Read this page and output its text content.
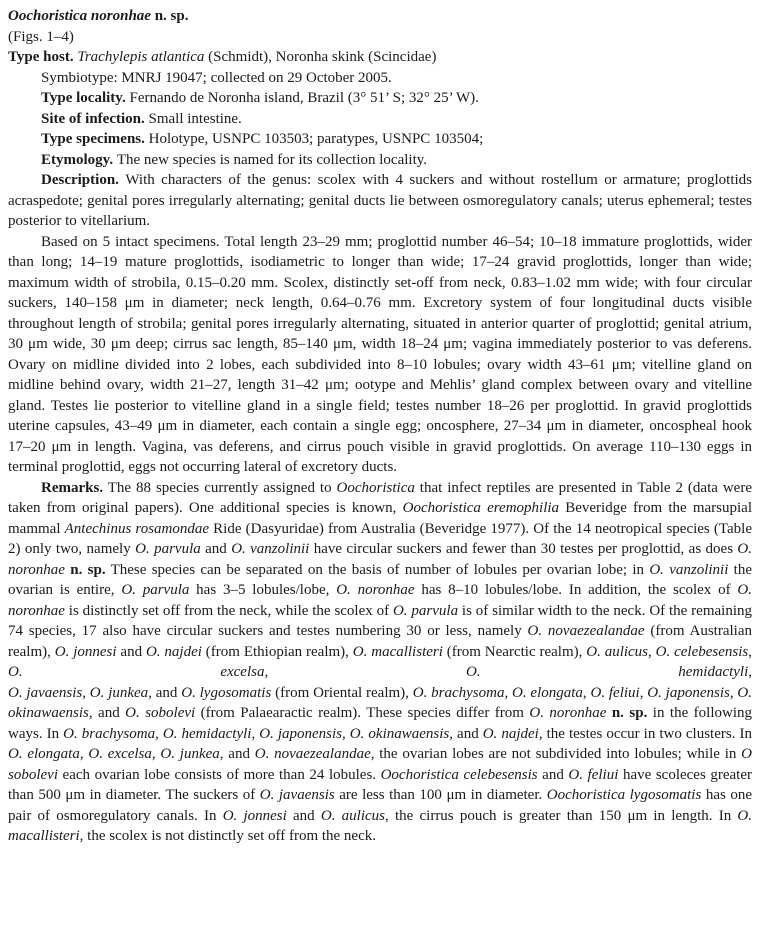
Oochoristica noronhae n. sp.

(Figs. 1–4)

Type host. Trachylepis atlantica (Schmidt), Noronha skink (Scincidae)

Symbiotype: MNRJ 19047; collected on 29 October 2005.

Type locality. Fernando de Noronha island, Brazil (3° 51’ S; 32° 25’ W).

Site of infection. Small intestine.

Type specimens. Holotype, USNPC 103503; paratypes, USNPC 103504;

Etymology. The new species is named for its collection locality.

Description. With characters of the genus: scolex with 4 suckers and without rostellum or armature; proglottids acraspedote; genital pores irregularly alternating; genital ducts lie between osmoregulatory canals; uterus ephemeral; testes posterior to vitellarium.

Based on 5 intact specimens. Total length 23–29 mm; proglottid number 46–54; 10–18 immature proglottids, wider than long; 14–19 mature proglottids, isodiametric to longer than wide; 17–24 gravid proglottids, longer than wide; maximum width of strobila, 0.15–0.20 mm. Scolex, distinctly set-off from neck, 0.83–1.02 mm wide; with four circular suckers, 140–158 μm in diameter; neck length, 0.64–0.76 mm. Excretory system of four longitudinal ducts visible throughout length of strobila; genital pores irregularly alternating, situated in anterior quarter of proglottid; genital atrium, 30 μm wide, 30 μm deep; cirrus sac length, 85–140 μm, width 18–24 μm; vagina immediately posterior to vas deferens. Ovary on midline divided into 2 lobes, each subdivided into 8–10 lobules; ovary width 43–61 μm; vitelline gland on midline behind ovary, width 21–27, length 31–42 μm; ootype and Mehlis’ gland complex between ovary and vitelline gland. Testes lie posterior to vitelline gland in a single field; testes number 18–26 per proglottid. In gravid proglottids uterine capsules, 43–49 μm in diameter, each contain a single egg; oncosphere, 27–34 μm in diameter, oncospheal hook 17–20 μm in length. Vagina, vas deferens, and cirrus pouch visible in gravid proglottids. On average 110–130 eggs in terminal proglottid, eggs not occurring lateral of excretory ducts.

Remarks. The 88 species currently assigned to Oochoristica that infect reptiles are presented in Table 2 (data were taken from original papers). One additional species is known, Oochoristica eremophilia Beveridge from the marsupial mammal Antechinus rosamondae Ride (Dasyuridae) from Australia (Beveridge 1977). Of the 14 neotropical species (Table 2) only two, namely O. parvula and O. vanzolinii have circular suckers and fewer than 30 testes per proglottid, as does O. noronhae n. sp. These species can be separated on the basis of number of lobules per ovarian lobe; in O. vanzolinii the ovarian is entire, O. parvula has 3–5 lobules/lobe, O. noronhae has 8–10 lobules/lobe. In addition, the scolex of O. noronhae is distinctly set off from the neck, while the scolex of O. parvula is of similar width to the neck. Of the remaining 74 species, 17 also have circular suckers and testes numbering 30 or less, namely O. novaezealandae (from Australian realm), O. jonnesi and O. najdei (from Ethiopian realm), O. macallisteri (from Nearctic realm), O. aulicus, O. celebesensis, O. excelsa, O. hemidactyli,

O. javaensis, O. junkea, and O. lygosomatis (from Oriental realm), O. brachysoma, O. elongata, O. feliui, O. japonensis, O. okinawaensis, and O. sobolevi (from Palaearactic realm). These species differ from O. noronhae n. sp. in the following ways. In O. brachysoma, O. hemidactyli, O. japonensis, O. okinawaensis, and O. najdei, the testes occur in two clusters. In O. elongata, O. excelsa, O. junkea, and O. novaezealandae, the ovarian lobes are not subdivided into lobules; while in O sobolevi each ovarian lobe consists of more than 24 lobules. Oochoristica celebesensis and O. feliui have scoleces greater than 500 μm in diameter. The suckers of O. javaensis are less than 100 μm in diameter. Oochoristica lygosomatis has one pair of osmoregulatory canals. In O. jonnesi and O. aulicus, the cirrus pouch is greater than 150 μm in length. In O. macallisteri, the scolex is not distinctly set off from the neck.
